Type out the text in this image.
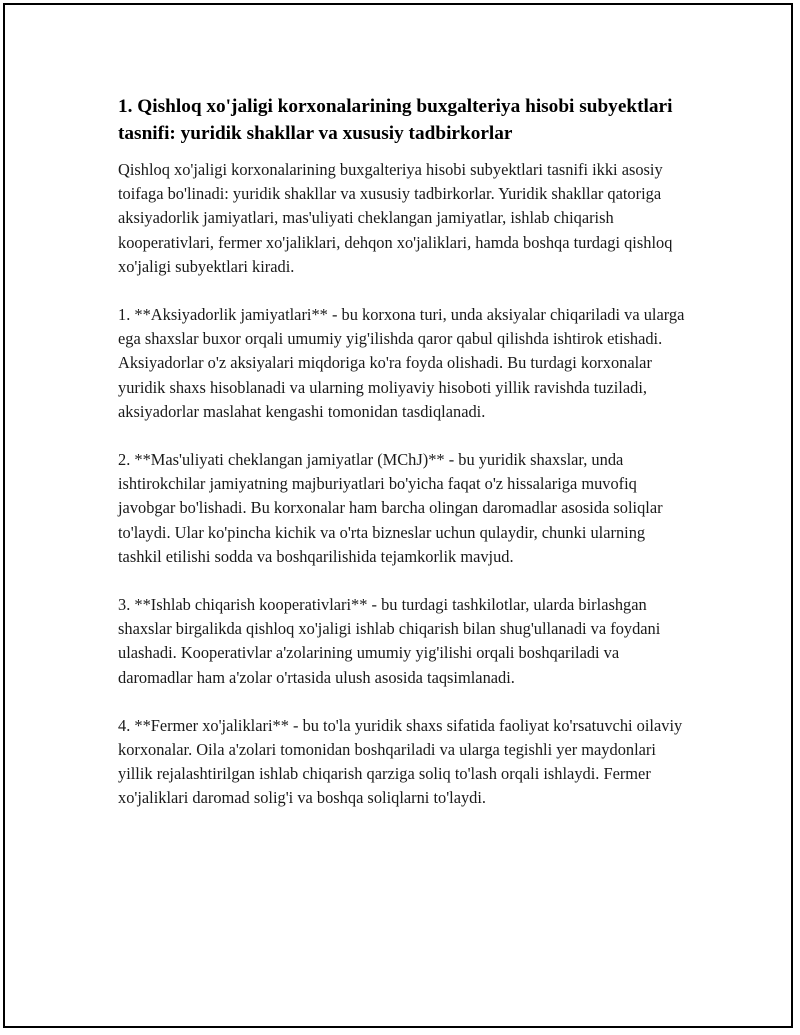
1. Qishloq xo'jaligi korxonalarining buxgalteriya hisobi subyektlari tasnifi: yuridik shakllar va xususiy tadbirkorlar

Qishloq xo'jaligi korxonalarining buxgalteriya hisobi subyektlari tasnifi ikki asosiy toifaga bo'linadi: yuridik shakllar va xususiy tadbirkorlar. Yuridik shakllar qatoriga aksiyadorlik jamiyatlari, mas'uliyati cheklangan jamiyatlar, ishlab chiqarish kooperativlari, fermer xo'jaliklari, dehqon xo'jaliklari, hamda boshqa turdagi qishloq xo'jaligi subyektlari kiradi.

1. **Aksiyadorlik jamiyatlari** - bu korxona turi, unda aksiyalar chiqariladi va ularga ega shaxslar buxor orqali umumiy yig'ilishda qaror qabul qilishda ishtirok etishadi. Aksiyadorlar o'z aksiyalari miqdoriga ko'ra foyda olishadi. Bu turdagi korxonalar yuridik shaxs hisoblanadi va ularning moliyaviy hisoboti yillik ravishda tuziladi, aksiyadorlar maslahat kengashi tomonidan tasdiqlanadi.

2. **Mas'uliyati cheklangan jamiyatlar (MChJ)** - bu yuridik shaxslar, unda ishtirokchilar jamiyatning majburiyatlari bo'yicha faqat o'z hissalariga muvofiq javobgar bo'lishadi. Bu korxonalar ham barcha olingan daromadlar asosida soliqlar to'laydi. Ular ko'pincha kichik va o'rta bizneslar uchun qulaydir, chunki ularning tashkil etilishi sodda va boshqarilishida tejamkorlik mavjud.

3. **Ishlab chiqarish kooperativlari** - bu turdagi tashkilotlar, ularda birlashgan shaxslar birgalikda qishloq xo'jaligi ishlab chiqarish bilan shug'ullanadi va foydani ulashadi. Kooperativlar a'zolarining umumiy yig'ilishi orqali boshqariladi va daromadlar ham a'zolar o'rtasida ulush asosida taqsimlanadi.

4. **Fermer xo'jaliklari** - bu to'la yuridik shaxs sifatida faoliyat ko'rsatuvchi oilaviy korxonalar. Oila a'zolari tomonidan boshqariladi va ularga tegishli yer maydonlari yillik rejalashtirilgan ishlab chiqarish qarziga soliq to'lash orqali ishlaydi. Fermer xo'jaliklari daromad solig'i va boshqa soliqlarni to'laydi.
